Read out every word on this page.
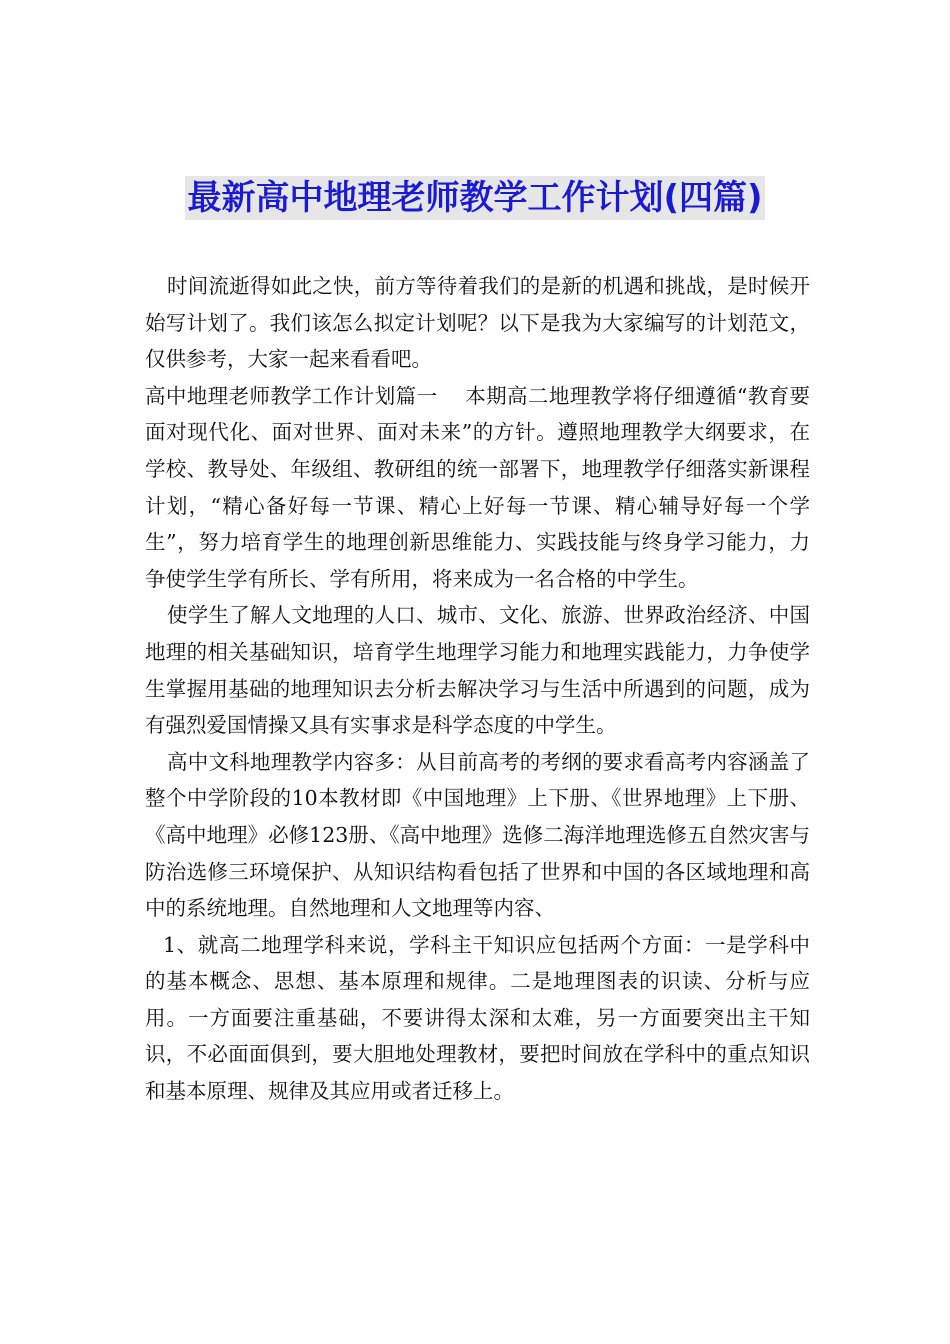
最新高中地理老师教学工作计划(四篇)

时间流逝得如此之快，前方等待着我们的是新的机遇和挑战，是时候开始写计划了。我们该怎么拟定计划呢？以下是我为大家编写的计划范文，仅供参考，大家一起来看看吧。

高中地理老师教学工作计划篇一　 本期高二地理教学将仔细遵循“教育要面对现代化、面对世界、面对未来”的方针。遵照地理教学大纲要求，在学校、教导处、年级组、教研组的统一部署下，地理教学仔细落实新课程计划，“精心备好每一节课、精心上好每一节课、精心辅导好每一个学生”，努力培育学生的地理创新思维能力、实践技能与终身学习能力，力争使学生学有所长、学有所用，将来成为一名合格的中学生。

使学生了解人文地理的人口、城市、文化、旅游、世界政治经济、中国地理的相关基础知识，培育学生地理学习能力和地理实践能力，力争使学生掌握用基础的地理知识去分析去解决学习与生活中所遇到的问题，成为有强烈爱国情操又具有实事求是科学态度的中学生。

高中文科地理教学内容多：从目前高考的考纲的要求看高考内容涵盖了整个中学阶段的10本教材即《中国地理》上下册、《世界地理》上下册、《高中地理》必修123册、《高中地理》选修二海洋地理选修五自然灾害与防治选修三环境保护、从知识结构看包括了世界和中国的各区域地理和高中的系统地理。自然地理和人文地理等内容、

1、就高二地理学科来说，学科主干知识应包括两个方面：一是学科中的基本概念、思想、基本原理和规律。二是地理图表的识读、分析与应用。一方面要注重基础，不要讲得太深和太难，另一方面要突出主干知识，不必面面俱到，要大胆地处理教材，要把时间放在学科中的重点知识和基本原理、规律及其应用或者迁移上。
